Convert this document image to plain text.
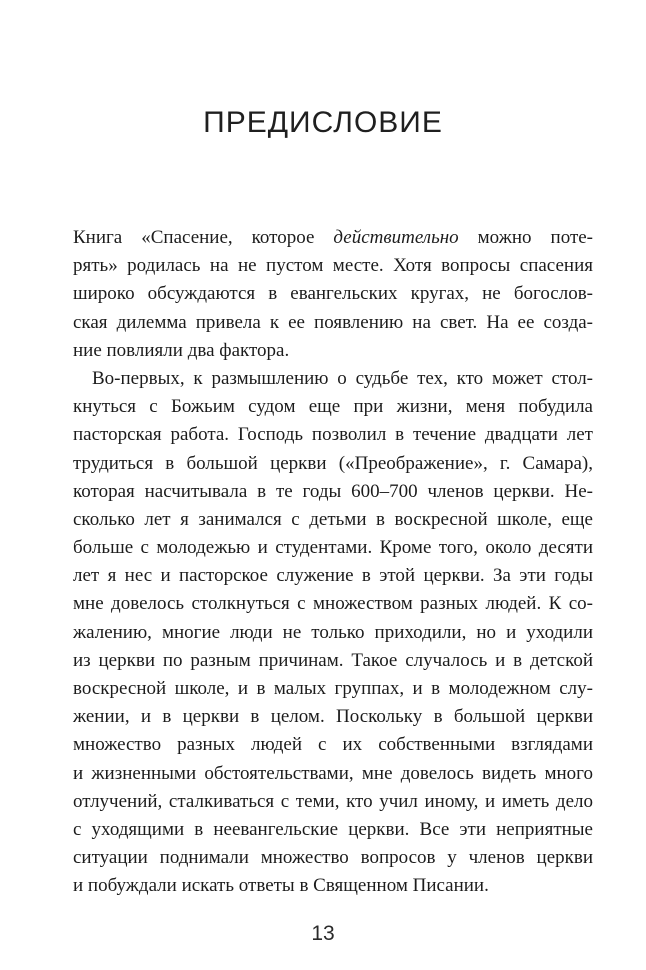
ПРЕДИСЛОВИЕ
Книга «Спасение, которое действительно можно поте-
рять» родилась на не пустом месте. Хотя вопросы спасения
широко обсуждаются в евангельских кругах, не богослов-
ская дилемма привела к ее появлению на свет. На ее созда-
ние повлияли два фактора.
Во-первых, к размышлению о судьбе тех, кто может стол-
кнуться с Божьим судом еще при жизни, меня побудила
пасторская работа. Господь позволил в течение двадцати лет
трудиться в большой церкви («Преображение», г. Самара),
которая насчитывала в те годы 600–700 членов церкви. Не-
сколько лет я занимался с детьми в воскресной школе, еще
больше с молодежью и студентами. Кроме того, около десяти
лет я нес и пасторское служение в этой церкви. За эти годы
мне довелось столкнуться с множеством разных людей. К со-
жалению, многие люди не только приходили, но и уходили
из церкви по разным причинам. Такое случалось и в детской
воскресной школе, и в малых группах, и в молодежном слу-
жении, и в церкви в целом. Поскольку в большой церкви
множество разных людей с их собственными взглядами
и жизненными обстоятельствами, мне довелось видеть много
отлучений, сталкиваться с теми, кто учил иному, и иметь дело
с уходящими в неевангельские церкви. Все эти неприятные
ситуации поднимали множество вопросов у членов церкви
и побуждали искать ответы в Священном Писании.
13
